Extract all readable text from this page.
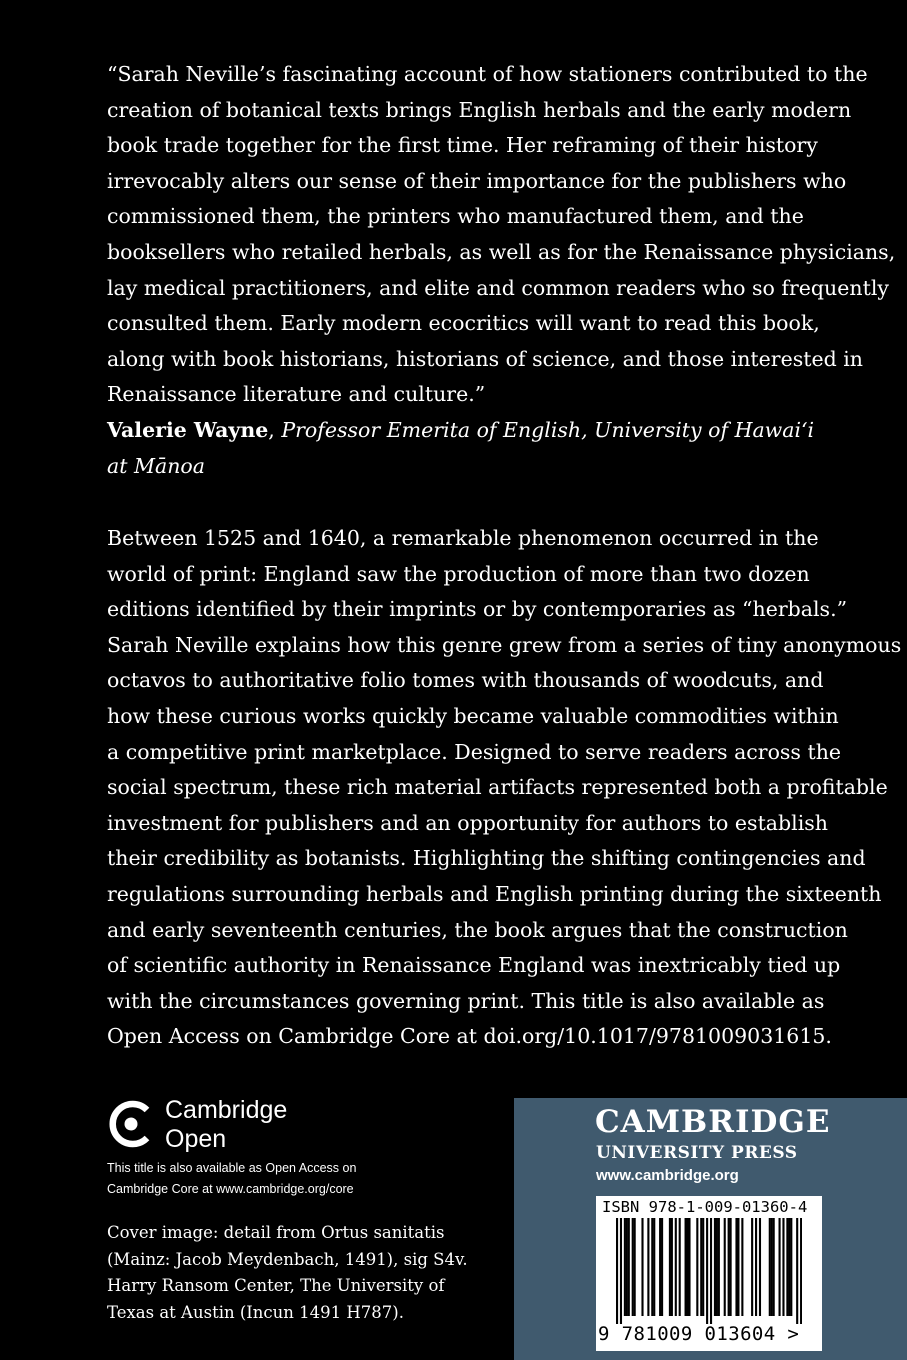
“Sarah Neville’s fascinating account of how stationers contributed to the
creation of botanical texts brings English herbals and the early modern
book trade together for the first time. Her reframing of their history
irrevocably alters our sense of their importance for the publishers who
commissioned them, the printers who manufactured them, and the
booksellers who retailed herbals, as well as for the Renaissance physicians,
lay medical practitioners, and elite and common readers who so frequently
consulted them. Early modern ecocritics will want to read this book,
along with book historians, historians of science, and those interested in
Renaissance literature and culture.”
Valerie Wayne, Professor Emerita of English, University of Hawai‘i
at Mānoa
Between 1525 and 1640, a remarkable phenomenon occurred in the
world of print: England saw the production of more than two dozen
editions identified by their imprints or by contemporaries as “herbals.”
Sarah Neville explains how this genre grew from a series of tiny anonymous
octavos to authoritative folio tomes with thousands of woodcuts, and
how these curious works quickly became valuable commodities within
a competitive print marketplace. Designed to serve readers across the
social spectrum, these rich material artifacts represented both a profitable
investment for publishers and an opportunity for authors to establish
their credibility as botanists. Highlighting the shifting contingencies and
regulations surrounding herbals and English printing during the sixteenth
and early seventeenth centuries, the book argues that the construction
of scientific authority in Renaissance England was inextricably tied up
with the circumstances governing print. This title is also available as
Open Access on Cambridge Core at doi.org/10.1017/9781009031615.
Cambridge
Open
This title is also available as Open Access on
Cambridge Core at www.cambridge.org/core
Cover image: detail from Ortus sanitatis
(Mainz: Jacob Meydenbach, 1491), sig S4v.
Harry Ransom Center, The University of
Texas at Austin (Incun 1491 H787).
CAMBRIDGE
UNIVERSITY PRESS
www.cambridge.org
ISBN 978-1-009-01360-4
9 781009 013604 >
